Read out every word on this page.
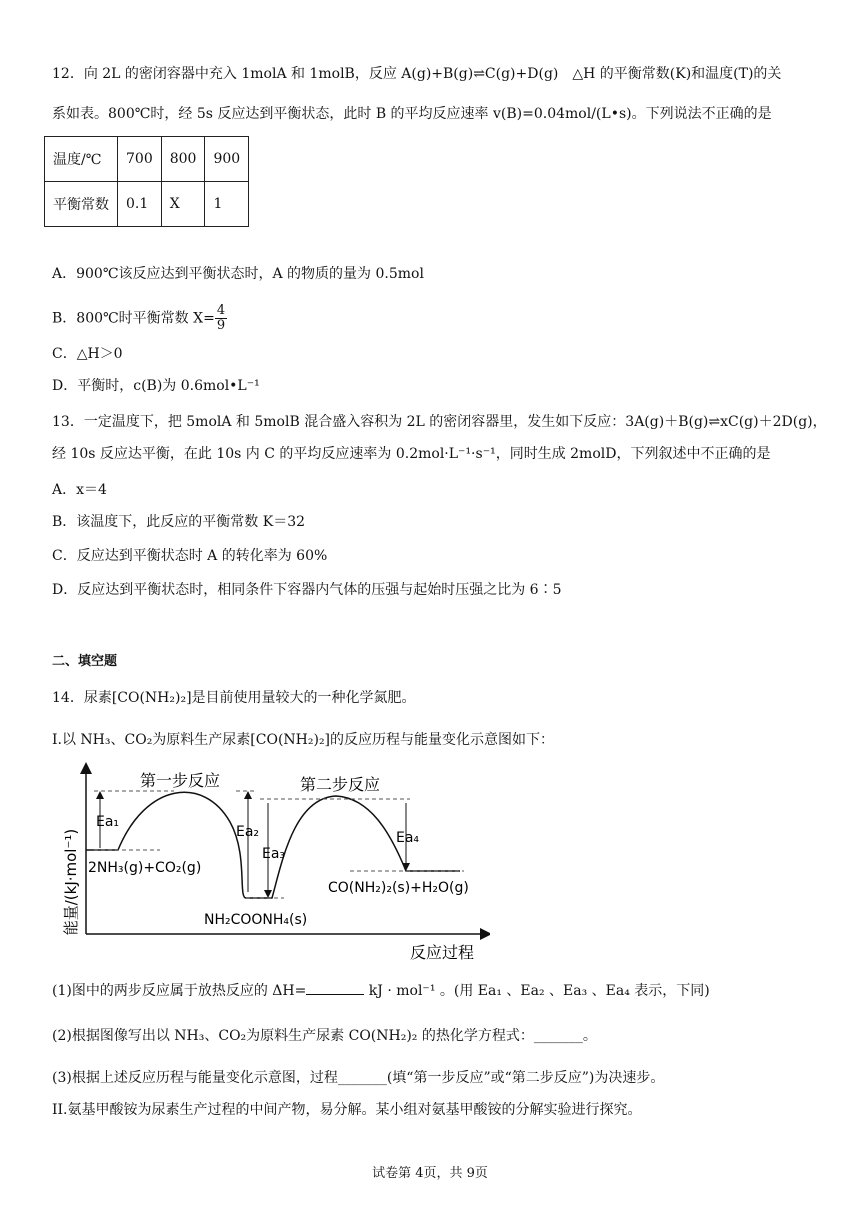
12．向 2L 的密闭容器中充入 1molA 和 1molB，反应 A(g)+B(g)⇌C(g)+D(g)　△H 的平衡常数(K)和温度(T)的关
系如表。800℃时，经 5s 反应达到平衡状态，此时 B 的平均反应速率 v(B)=0.04mol/(L•s)。下列说法不正确的是
温度/℃	700	800	900
平衡常数	0.1	X	1
A．900℃该反应达到平衡状态时，A 的物质的量为 0.5mol
B．800℃时平衡常数 $X= \frac{4}{9}$
C．△H＞0
D．平衡时，c(B)为 0.6mol•L⁻¹
13．一定温度下，把 5molA 和 5molB 混合盛入容积为 2L 的密闭容器里，发生如下反应：3A(g)＋B(g)⇌xC(g)＋2D(g)，
经 10s 反应达平衡，在此 10s 内 C 的平均反应速率为 0.2mol·L⁻¹·s⁻¹，同时生成 2molD，下列叙述中不正确的是
A．x＝4
B．该温度下，此反应的平衡常数 K＝32
C．反应达到平衡状态时 A 的转化率为 60%
D．反应达到平衡状态时，相同条件下容器内气体的压强与起始时压强之比为 6∶5
二、填空题
14．尿素[CO(NH₂)₂]是目前使用量较大的一种化学氮肥。
I.以 NH₃、CO₂为原料生产尿素[CO(NH₂)₂]的反应历程与能量变化示意图如下：
能量/(kJ·mol⁻¹)
反应过程
Ea₁
Ea₂
Ea₃
Ea₄
第一步反应	第二步反应
2NH₃(g)+CO₂(g)
NH₂COONH₄(s)
CO(NH₂)₂(s)+H₂O(g)
(1)图中的两步反应属于放热反应的 ΔH=	kJ · mol⁻¹ 。(用 Ea₁ 、Ea₂ 、Ea₃ 、Ea₄ 表示，下同)
(2)根据图像写出以 NH₃、CO₂为原料生产尿素 CO(NH₂)₂ 的热化学方程式：_______。
(3)根据上述反应历程与能量变化示意图，过程_______(填“第一步反应”或“第二步反应”)为决速步。
II.氨基甲酸铵为尿素生产过程的中间产物，易分解。某小组对氨基甲酸铵的分解实验进行探究。
试卷第 4页，共 9页
